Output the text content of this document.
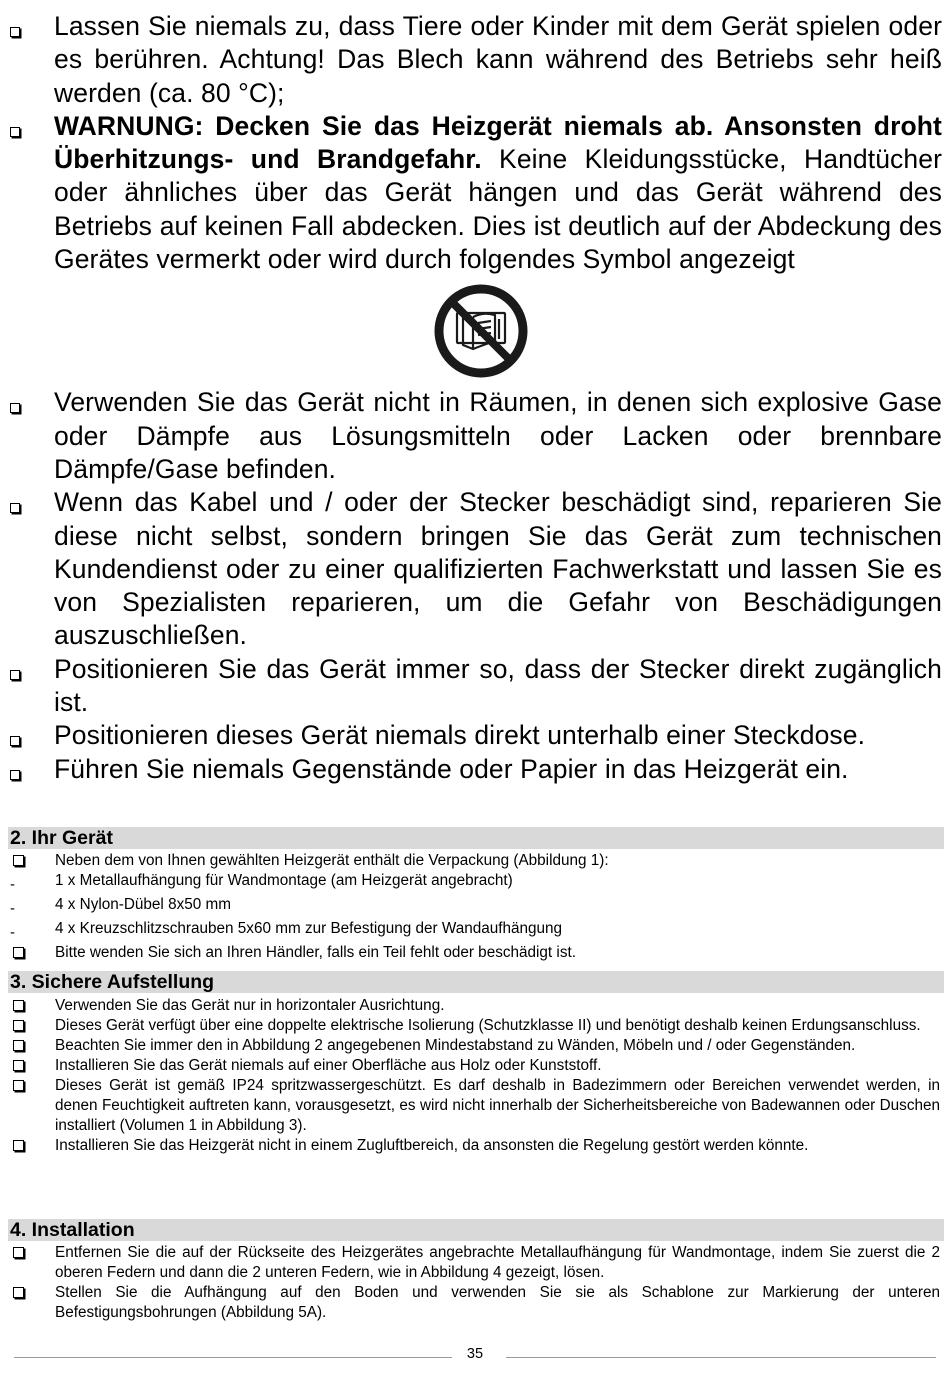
Lassen Sie niemals zu, dass Tiere oder Kinder mit dem Gerät spielen oder es berühren. Achtung! Das Blech kann während des Betriebs sehr heiß werden (ca. 80 °C);
WARNUNG: Decken Sie das Heizgerät niemals ab. Ansonsten droht Überhitzungs- und Brandgefahr. Keine Kleidungsstücke, Handtücher oder ähnliches über das Gerät hängen und das Gerät während des Betriebs auf keinen Fall abdecken. Dies ist deutlich auf der Abdeckung des Gerätes vermerkt oder wird durch folgendes Symbol angezeigt
Verwenden Sie das Gerät nicht in Räumen, in denen sich explosive Gase oder Dämpfe aus Lösungsmitteln oder Lacken oder brennbare Dämpfe/Gase befinden.
Wenn das Kabel und / oder der Stecker beschädigt sind, reparieren Sie diese nicht selbst, sondern bringen Sie das Gerät zum technischen Kundendienst oder zu einer qualifizierten Fachwerkstatt und lassen Sie es von Spezialisten reparieren, um die Gefahr von Beschädigungen auszuschließen.
Positionieren Sie das Gerät immer so, dass der Stecker direkt zugänglich ist.
Positionieren dieses Gerät niemals direkt unterhalb einer Steckdose.
Führen Sie niemals Gegenstände oder Papier in das Heizgerät ein.
2. Ihr Gerät
Neben dem von Ihnen gewählten Heizgerät enthält die Verpackung (Abbildung 1):
-	1 x Metallaufhängung für Wandmontage (am Heizgerät angebracht)
-	4 x Nylon-Dübel 8x50 mm
-	4 x Kreuzschlitzschrauben 5x60 mm zur Befestigung der Wandaufhängung
Bitte wenden Sie sich an Ihren Händler, falls ein Teil fehlt oder beschädigt ist.
3. Sichere Aufstellung
Verwenden Sie das Gerät nur in horizontaler Ausrichtung.
Dieses Gerät verfügt über eine doppelte elektrische Isolierung (Schutzklasse II) und benötigt deshalb keinen Erdungsanschluss.
Beachten Sie immer den in Abbildung 2 angegebenen Mindestabstand zu Wänden, Möbeln und / oder Gegenständen.
Installieren Sie das Gerät niemals auf einer Oberfläche aus Holz oder Kunststoff.
Dieses Gerät ist gemäß IP24 spritzwassergeschützt. Es darf deshalb in Badezimmern oder Bereichen verwendet werden, in denen Feuchtigkeit auftreten kann, vorausgesetzt, es wird nicht innerhalb der Sicherheitsbereiche von Badewannen oder Duschen installiert (Volumen 1 in Abbildung 3).
Installieren Sie das Heizgerät nicht in einem Zugluftbereich, da ansonsten die Regelung gestört werden könnte.
4. Installation
Entfernen Sie die auf der Rückseite des Heizgerätes angebrachte Metallaufhängung für Wandmontage, indem Sie zuerst die 2 oberen Federn und dann die 2 unteren Federn, wie in Abbildung 4 gezeigt, lösen.
Stellen Sie die Aufhängung auf den Boden und verwenden Sie sie als Schablone zur Markierung der unteren Befestigungsbohrungen (Abbildung 5A).
35
